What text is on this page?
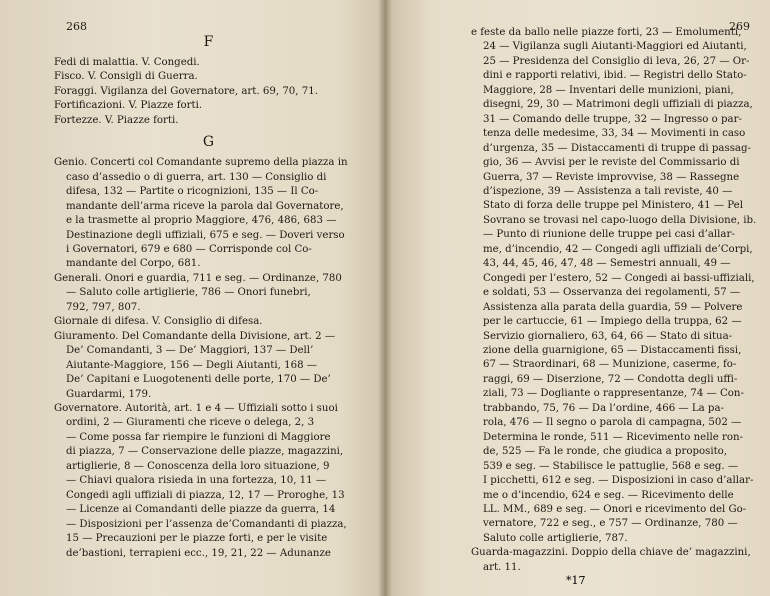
268

F

Fedi di malattia. V. Congedi.

Fisco. V. Consigli di Guerra.

Foraggi. Vigilanza del Governatore, art. 69, 70, 71.

Fortificazioni. V. Piazze forti.

Fortezze. V. Piazze forti.

G

Genio. Concerti col Comandante supremo della piazza in

caso d’assedio o di guerra, art. 130 — Consiglio di

difesa, 132 — Partite o ricognizioni, 135 — Il Co-

mandante dell’arma riceve la parola dal Governatore,

e la trasmette al proprio Maggiore, 476, 486, 683 —

Destinazione degli uffiziali, 675 e seg. — Doveri verso

i Governatori, 679 e 680 — Corrisponde col Co-

mandante del Corpo, 681.

Generali. Onori e guardia, 711 e seg. — Ordinanze, 780

— Saluto colle artiglierie, 786 — Onori funebri,

792, 797, 807.

Giornale di difesa. V. Consiglio di difesa.

Giuramento. Del Comandante della Divisione, art. 2 —

De’ Comandanti, 3 — De’ Maggiori, 137 — Dell’

Aiutante-Maggiore, 156 — Degli Aiutanti, 168 —

De’ Capitani e Luogotenenti delle porte, 170 — De’

Guardarmi, 179.

Governatore. Autorità, art. 1 e 4 — Uffiziali sotto i suoi

ordini, 2 — Giuramenti che riceve o delega, 2, 3

— Come possa far riempire le funzioni di Maggiore

di piazza, 7 — Conservazione delle piazze, magazzini,

artiglierie, 8 — Conoscenza della loro situazione, 9

— Chiavi qualora risieda in una fortezza, 10, 11 —

Congedi agli uffiziali di piazza, 12, 17 — Proroghe, 13

— Licenze ai Comandanti delle piazze da guerra, 14

— Disposizioni per l’assenza de’Comandanti di piazza,

15 — Precauzioni per le piazze forti, e per le visite

de’bastioni, terrapieni ecc., 19, 21, 22 — Adunanze

269

e feste da ballo nelle piazze forti, 23 — Emolumenti,

24 — Vigilanza sugli Aiutanti-Maggiori ed Aiutanti,

25 — Presidenza del Consiglio di leva, 26, 27 — Or-

dini e rapporti relativi, ibid. — Registri dello Stato-

Maggiore, 28 — Inventari delle munizioni, piani,

disegni, 29, 30 — Matrimoni degli uffiziali di piazza,

31 — Comando delle truppe, 32 — Ingresso o par-

tenza delle medesime, 33, 34 — Movimenti in caso

d’urgenza, 35 — Distaccamenti di truppe di passag-

gio, 36 — Avvisi per le reviste del Commissario di

Guerra, 37 — Reviste improvvise, 38 — Rassegne

d’ispezione, 39 — Assistenza a tali reviste, 40 —

Stato di forza delle truppe pel Ministero, 41 — Pel

Sovrano se trovasi nel capo-luogo della Divisione, ib.

— Punto di riunione delle truppe pei casi d’allar-

me, d’incendio, 42 — Congedi agli uffiziali de’Corpi,

43, 44, 45, 46, 47, 48 — Semestri annuali, 49 —

Congedi per l’estero, 52 — Congedi ai bassi-uffiziali,

e soldati, 53 — Osservanza dei regolamenti, 57 —

Assistenza alla parata della guardia, 59 — Polvere

per le cartuccie, 61 — Impiego della truppa, 62 —

Servizio giornaliero, 63, 64, 66 — Stato di situa-

zione della guarnigione, 65 — Distaccamenti fissi,

67 — Straordinari, 68 — Munizione, caserme, fo-

raggi, 69 — Diserzione, 72 — Condotta degli uffi-

ziali, 73 — Dogliante o rappresentanze, 74 — Con-

trabbando, 75, 76 — Da l’ordine, 466 — La pa-

rola, 476 — Il segno o parola di campagna, 502 —

Determina le ronde, 511 — Ricevimento nelle ron-

de, 525 — Fa le ronde, che giudica a proposito,

539 e seg. — Stabilisce le pattuglie, 568 e seg. —

I picchetti, 612 e seg. — Disposizioni in caso d’allar-

me o d’incendio, 624 e seg. — Ricevimento delle

LL. MM., 689 e seg. — Onori e ricevimento del Go-

vernatore, 722 e seg., e 757 — Ordinanze, 780 —

Saluto colle artiglierie, 787.

Guarda-magazzini. Doppio della chiave de’ magazzini,

art. 11.

*17
